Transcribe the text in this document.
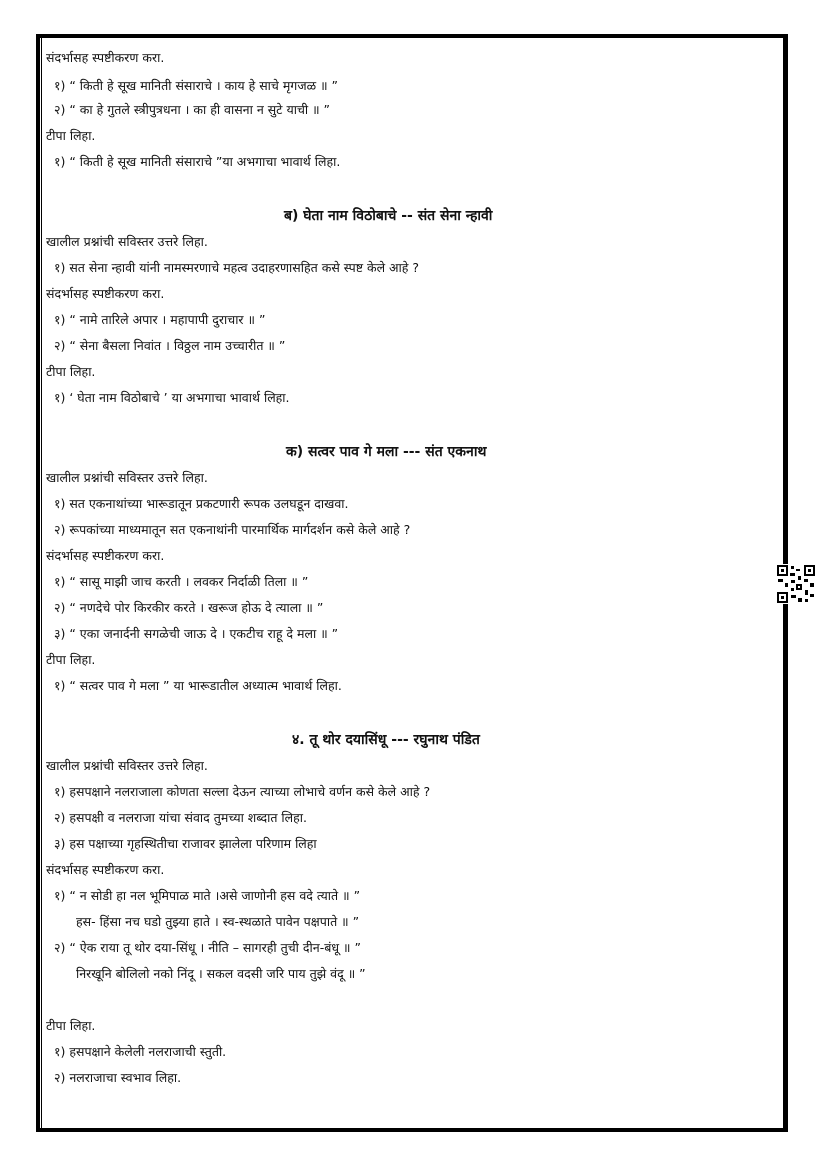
संदर्भासह स्पष्टीकरण करा.
१) “ किती हे सूख मानिती संसाराचे । काय हे साचे मृगजळ ॥ ”
२) “ का हे गुतले स्त्रीपुत्रधना । का ही वासना न सुटे याची ॥ ”
टीपा लिहा.
१) “ किती हे सूख मानिती संसाराचे ”या अभगाचा भावार्थ लिहा.
ब) घेता नाम विठोबाचे -- संत सेना न्हावी
खालील प्रश्नांची सविस्तर उत्तरे लिहा.
१) सत सेना न्हावी यांनी नामस्मरणाचे महत्व उदाहरणासहित कसे स्पष्ट केले आहे ?
संदर्भासह स्पष्टीकरण करा.
१) “ नामे तारिले अपार । महापापी दुराचार ॥ ”
२) “ सेना बैसला निवांत । विठ्ठल नाम उच्चारीत ॥ ”
टीपा लिहा.
१) ‘ घेता नाम विठोबाचे ’ या अभगाचा भावार्थ लिहा.
क) सत्वर पाव गे मला --- संत एकनाथ
खालील प्रश्नांची सविस्तर उत्तरे लिहा.
१) सत एकनाथांच्या भारूडातून प्रकटणारी रूपक उलघडून दाखवा.
२) रूपकांच्या माध्यमातून सत एकनाथांनी पारमार्थिक मार्गदर्शन कसे केले आहे ?
संदर्भासह स्पष्टीकरण करा.
१) “ सासू माझी जाच करती । लवकर निर्दाळी तिला ॥ ”
२) “ नणदेचे पोर किरकीर करते । खरूज होऊ दे त्याला ॥ ”
३) “ एका जनार्दनी सगळेची जाऊ दे । एकटीच राहू दे मला ॥ ”
टीपा लिहा.
१) “ सत्वर पाव गे मला ” या भारूडातील अध्यात्म भावार्थ लिहा.
४. तू थोर दयासिंधू --- रघुनाथ पंडित
खालील प्रश्नांची सविस्तर उत्तरे लिहा.
१) हसपक्षाने नलराजाला कोणता सल्ला देऊन त्याच्या लोभाचे वर्णन कसे केले आहे ?
२) हसपक्षी व नलराजा यांचा संवाद तुमच्या शब्दात लिहा.
३) हस पक्षाच्या गृहस्थितीचा राजावर झालेला परिणाम लिहा
संदर्भासह स्पष्टीकरण करा.
१) “ न सोडी हा नल भूमिपाळ माते ।असे जाणोनी हस वदे त्याते ॥ ”
हस- हिंसा नच घडो तुझ्या हाते । स्व-स्थळाते पावेन पक्षपाते ॥ ”
२) “ ऐक राया तू थोर दया-सिंधू । नीति – सागरही तुची दीन-बंधू ॥ ”
निरखूनि बोलिलो नको निंदू । सकल वदसी जरि पाय तुझे वंदू ॥ ”
टीपा लिहा.
१) हसपक्षाने केलेली नलराजाची स्तुती.
२) नलराजाचा स्वभाव लिहा.
